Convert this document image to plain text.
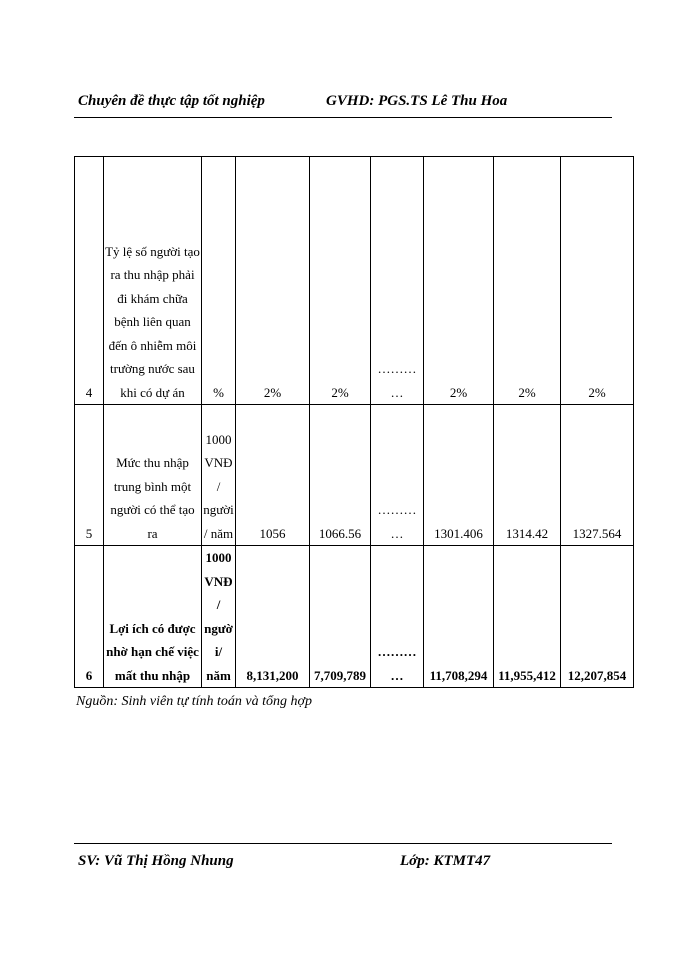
Chuyên đề thực tập tốt nghiệp	GVHD: PGS.TS Lê Thu Hoa
4	Tỷ lệ số người tạo ra thu nhập phải đi khám chữa bệnh liên quan đến ô nhiễm môi trường nước sau khi có dự án	%	2%	2%	…………	2%	2%	2%
5	Mức thu nhập trung bình một người có thể tạo ra	1000 VNĐ/ người/ năm	1056	1066.56	…………	1301.406	1314.42	1327.564
6	Lợi ích có được nhờ hạn chế việc mất thu nhập	1000 VNĐ/ người/ năm	8,131,200	7,709,789	…………	11,708,294	11,955,412	12,207,854
Nguồn: Sinh viên tự tính toán và tổng hợp
SV: Vũ Thị Hồng Nhung	Lớp: KTMT47
